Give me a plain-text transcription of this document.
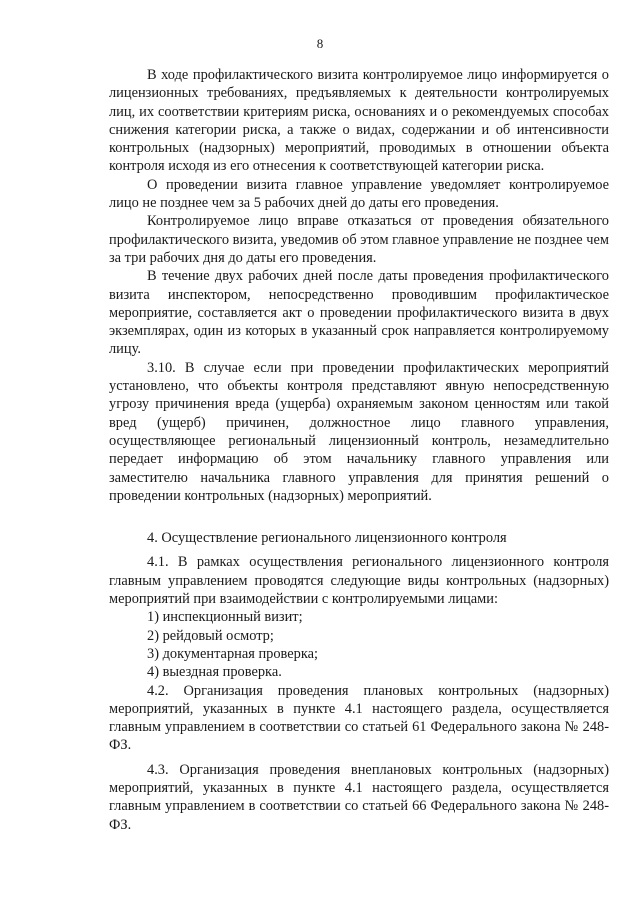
8

В ходе профилактического визита контролируемое лицо информируется о лицензионных требованиях, предъявляемых к деятельности контролируемых лиц, их соответствии критериям риска, основаниях и о рекомендуемых способах снижения категории риска, а также о видах, содержании и об интенсивности контрольных (надзорных) мероприятий, проводимых в отношении объекта контроля исходя из его отнесения к соответствующей категории риска.

О проведении визита главное управление уведомляет контролируемое лицо не позднее чем за 5 рабочих дней до даты его проведения.

Контролируемое лицо вправе отказаться от проведения обязательного профилактического визита, уведомив об этом главное управление не позднее чем за три рабочих дня до даты его проведения.

В течение двух рабочих дней после даты проведения профилактического визита инспектором, непосредственно проводившим профилактическое мероприятие, составляется акт о проведении профилактического визита в двух экземплярах, один из которых в указанный срок направляется контролируемому лицу.

3.10. В случае если при проведении профилактических мероприятий установлено, что объекты контроля представляют явную непосредственную угрозу причинения вреда (ущерба) охраняемым законом ценностям или такой вред (ущерб) причинен, должностное лицо главного управления, осуществляющее региональный лицензионный контроль, незамедлительно передает информацию об этом начальнику главного управления или заместителю начальника главного управления для принятия решений о проведении контрольных (надзорных) мероприятий.

4. Осуществление регионального лицензионного контроля

4.1. В рамках осуществления регионального лицензионного контроля главным управлением проводятся следующие виды контрольных (надзорных) мероприятий при взаимодействии с контролируемыми лицами:

1) инспекционный визит;

2) рейдовый осмотр;

3) документарная проверка;

4) выездная проверка.

4.2. Организация проведения плановых контрольных (надзорных) мероприятий, указанных в пункте 4.1 настоящего раздела, осуществляется главным управлением в соответствии со статьей 61 Федерального закона № 248-ФЗ.

4.3. Организация проведения внеплановых контрольных (надзорных) мероприятий, указанных в пункте 4.1 настоящего раздела, осуществляется главным управлением в соответствии со статьей 66 Федерального закона № 248-ФЗ.
